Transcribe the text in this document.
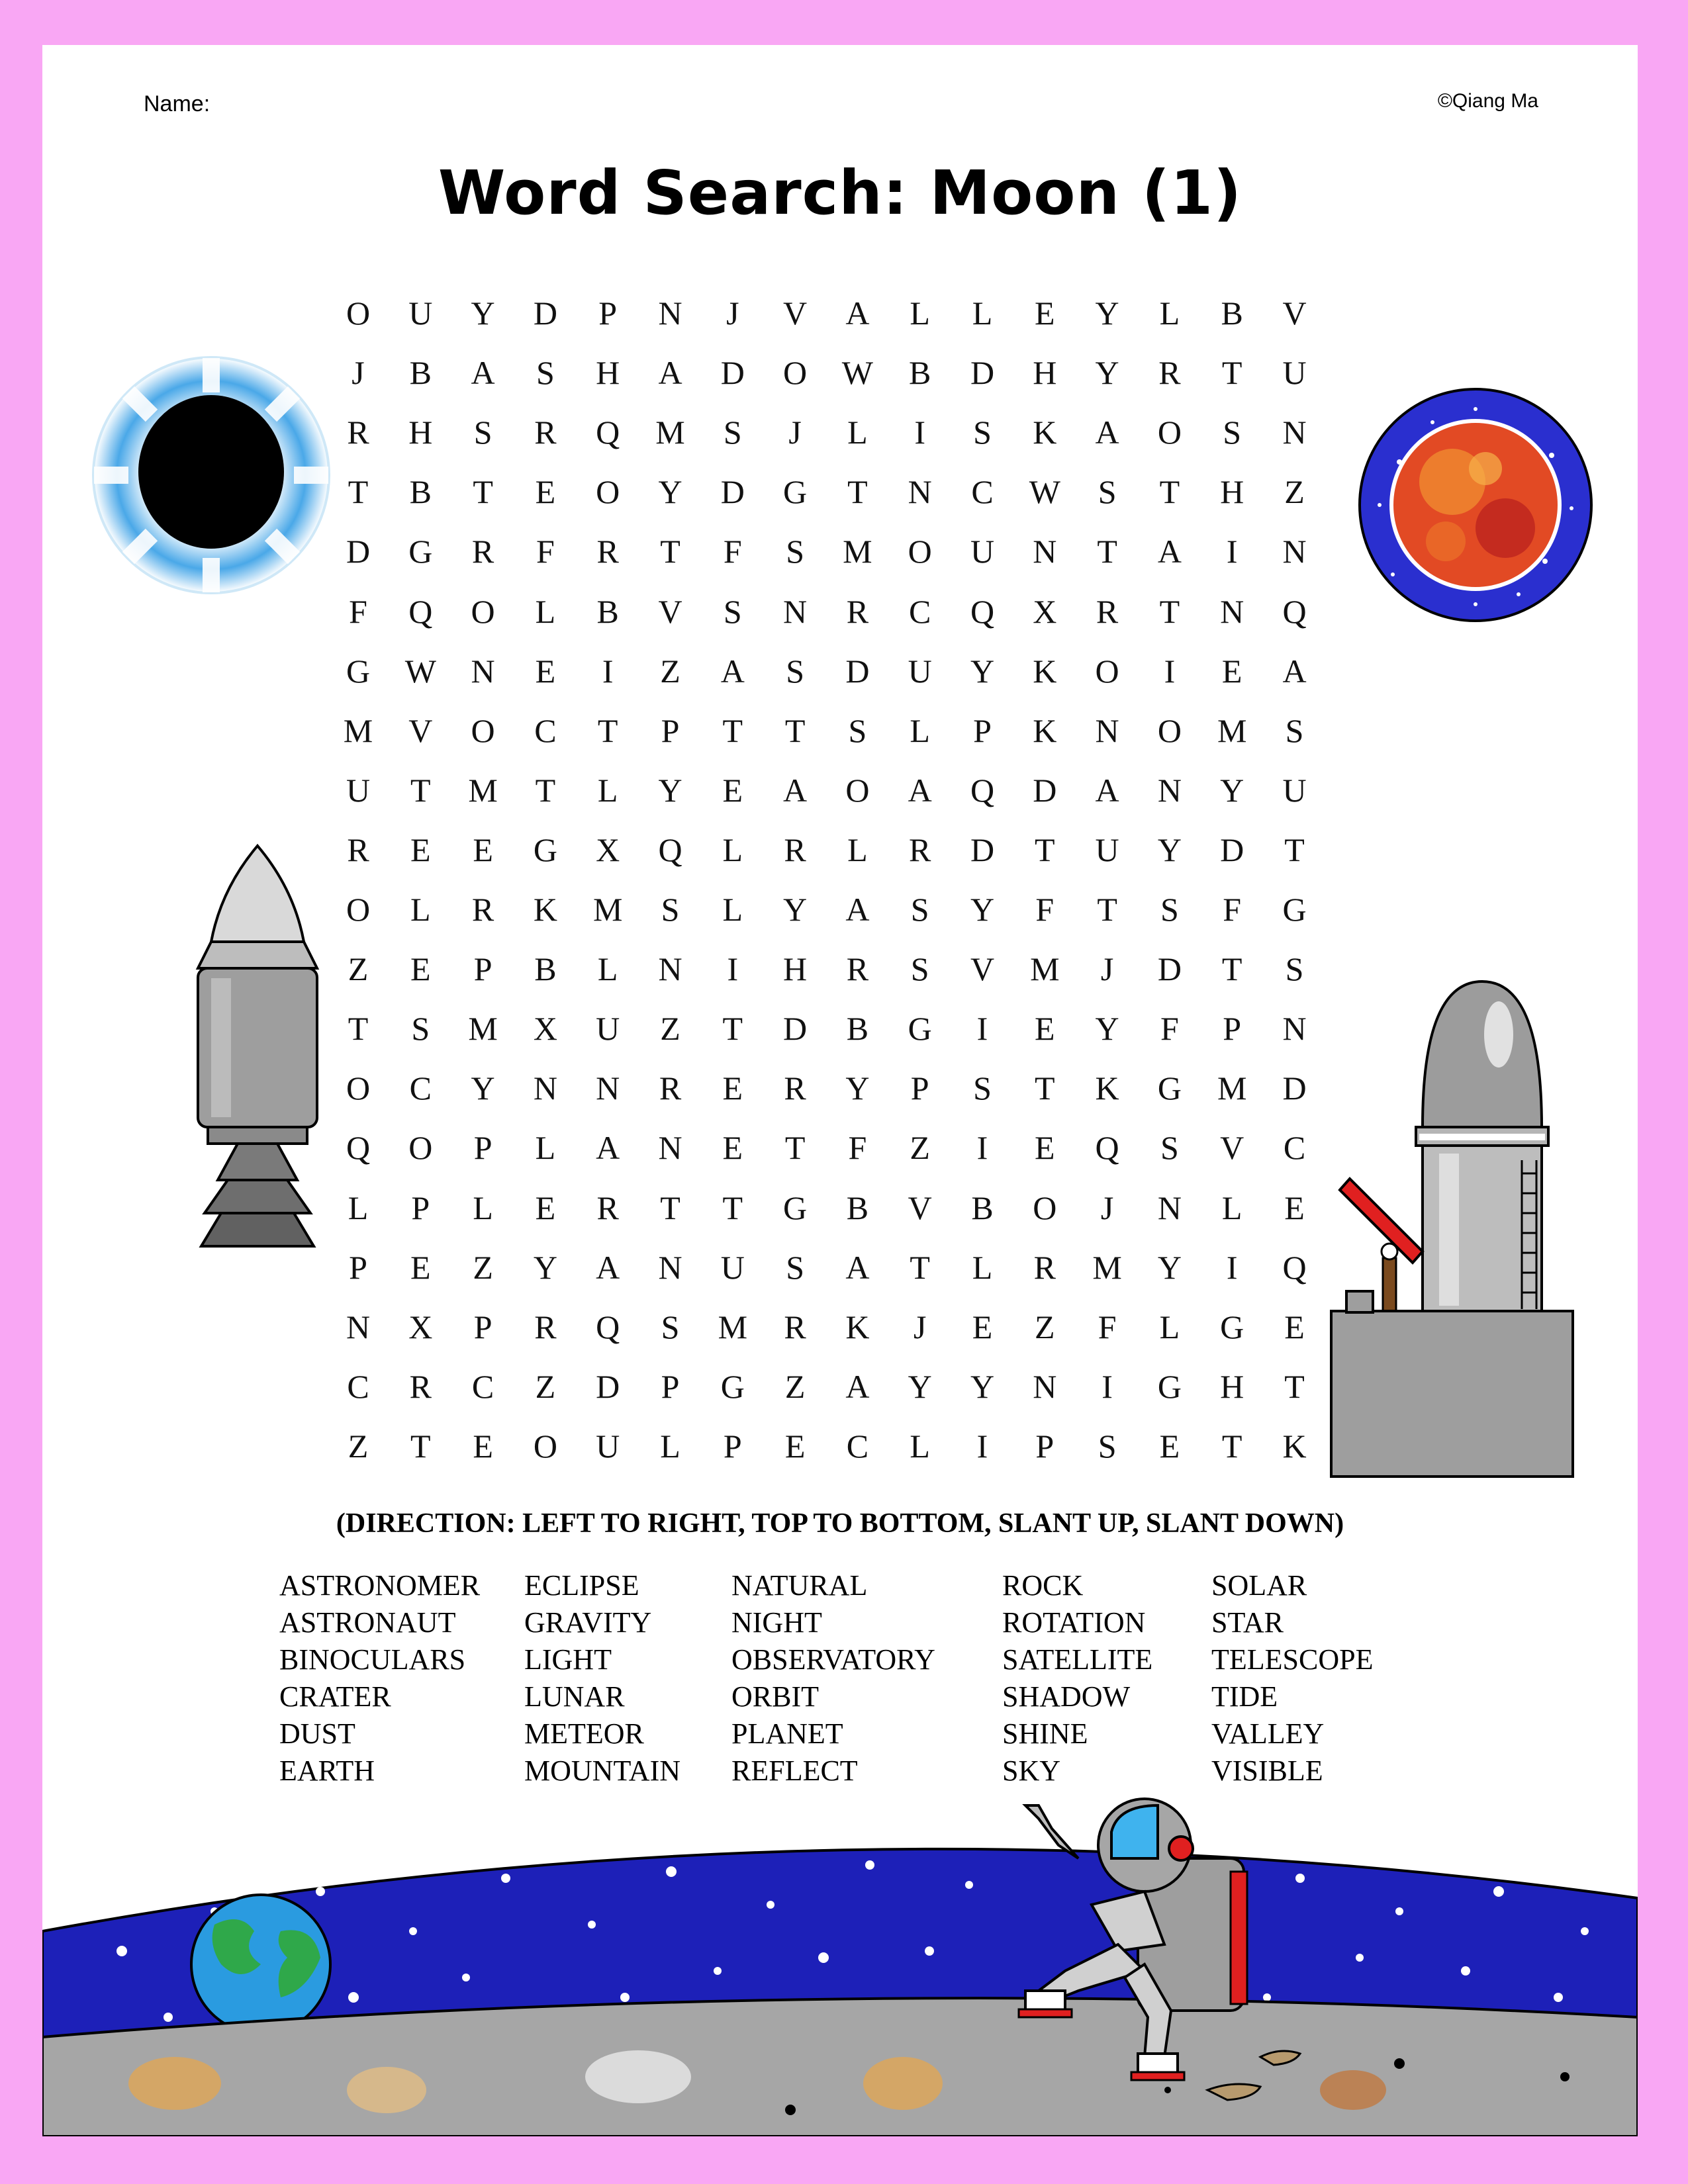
Name:	©Qiang Ma
Word Search: Moon (1)
O	U	Y	D	P	N	J	V	A	L	L	E	Y	L	B	V
J	B	A	S	H	A	D	O	W	B	D	H	Y	R	T	U
R	H	S	R	Q	M	S	J	L	I	S	K	A	O	S	N
T	B	T	E	O	Y	D	G	T	N	C	W	S	T	H	Z
D	G	R	F	R	T	F	S	M	O	U	N	T	A	I	N
F	Q	O	L	B	V	S	N	R	C	Q	X	R	T	N	Q
G	W	N	E	I	Z	A	S	D	U	Y	K	O	I	E	A
M	V	O	C	T	P	T	T	S	L	P	K	N	O	M	S
U	T	M	T	L	Y	E	A	O	A	Q	D	A	N	Y	U
R	E	E	G	X	Q	L	R	L	R	D	T	U	Y	D	T
O	L	R	K	M	S	L	Y	A	S	Y	F	T	S	F	G
Z	E	P	B	L	N	I	H	R	S	V	M	J	D	T	S
T	S	M	X	U	Z	T	D	B	G	I	E	Y	F	P	N
O	C	Y	N	N	R	E	R	Y	P	S	T	K	G	M	D
Q	O	P	L	A	N	E	T	F	Z	I	E	Q	S	V	C
L	P	L	E	R	T	T	G	B	V	B	O	J	N	L	E
P	E	Z	Y	A	N	U	S	A	T	L	R	M	Y	I	Q
N	X	P	R	Q	S	M	R	K	J	E	Z	F	L	G	E
C	R	C	Z	D	P	G	Z	A	Y	Y	N	I	G	H	T
Z	T	E	O	U	L	P	E	C	L	I	P	S	E	T	K
(DIRECTION: LEFT TO RIGHT, TOP TO BOTTOM, SLANT UP, SLANT DOWN)
ASTRONOMER
ASTRONAUT
BINOCULARS
CRATER
DUST
EARTH
ECLIPSE
GRAVITY
LIGHT
LUNAR
METEOR
MOUNTAIN
NATURAL
NIGHT
OBSERVATORY
ORBIT
PLANET
REFLECT
ROCK
ROTATION
SATELLITE
SHADOW
SHINE
SKY
SOLAR
STAR
TELESCOPE
TIDE
VALLEY
VISIBLE
